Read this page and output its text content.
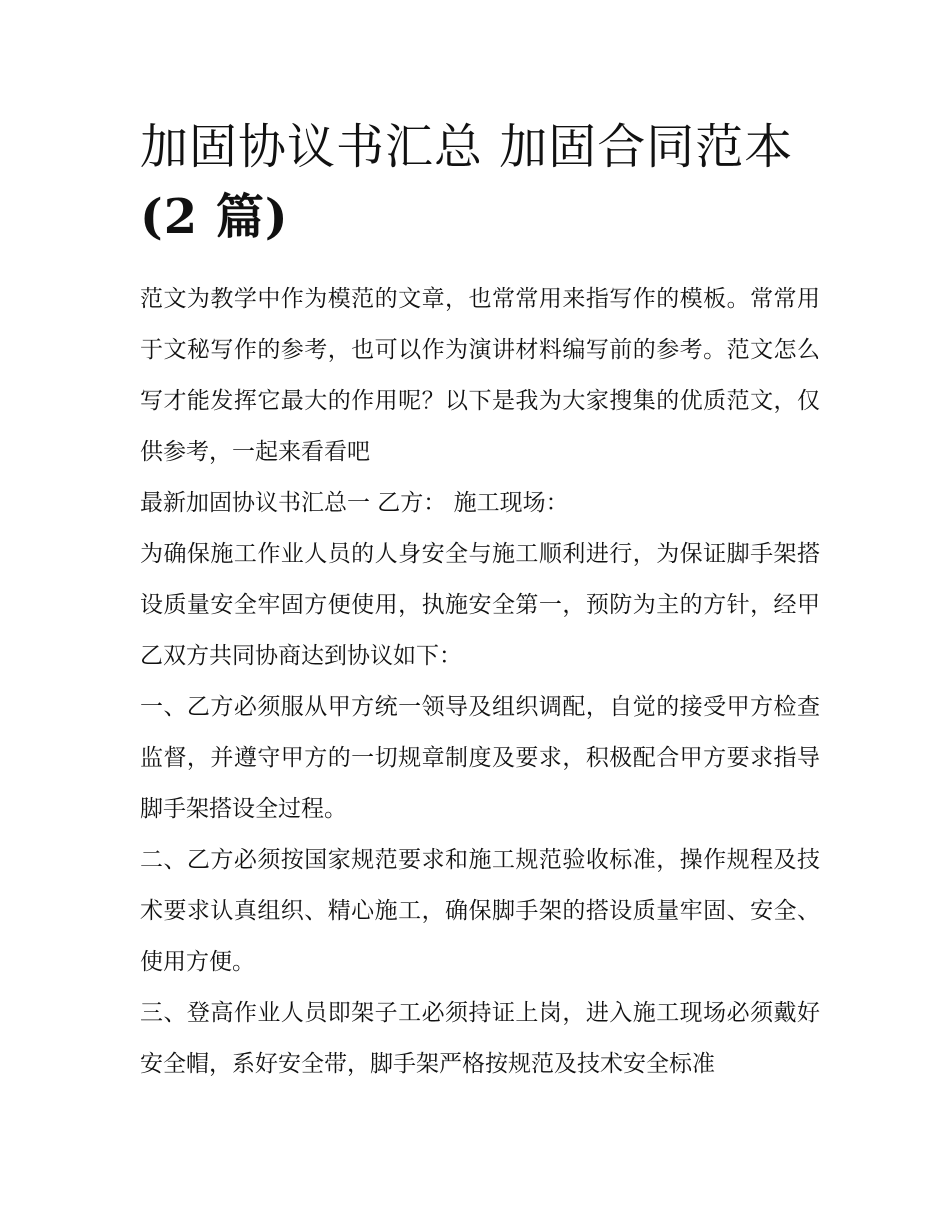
加固协议书汇总 加固合同范本
(2 篇)

范文为教学中作为模范的文章，也常常用来指写作的模板。常常用于文秘写作的参考，也可以作为演讲材料编写前的参考。范文怎么写才能发挥它最大的作用呢？以下是我为大家搜集的优质范文，仅供参考，一起来看看吧

最新加固协议书汇总一 乙方： 施工现场：

为确保施工作业人员的人身安全与施工顺利进行，为保证脚手架搭设质量安全牢固方便使用，执施安全第一，预防为主的方针，经甲乙双方共同协商达到协议如下：

一、乙方必须服从甲方统一领导及组织调配，自觉的接受甲方检查监督，并遵守甲方的一切规章制度及要求，积极配合甲方要求指导脚手架搭设全过程。

二、乙方必须按国家规范要求和施工规范验收标准，操作规程及技术要求认真组织、精心施工，确保脚手架的搭设质量牢固、安全、使用方便。

三、登高作业人员即架子工必须持证上岗，进入施工现场必须戴好安全帽，系好安全带，脚手架严格按规范及技术安全标准
